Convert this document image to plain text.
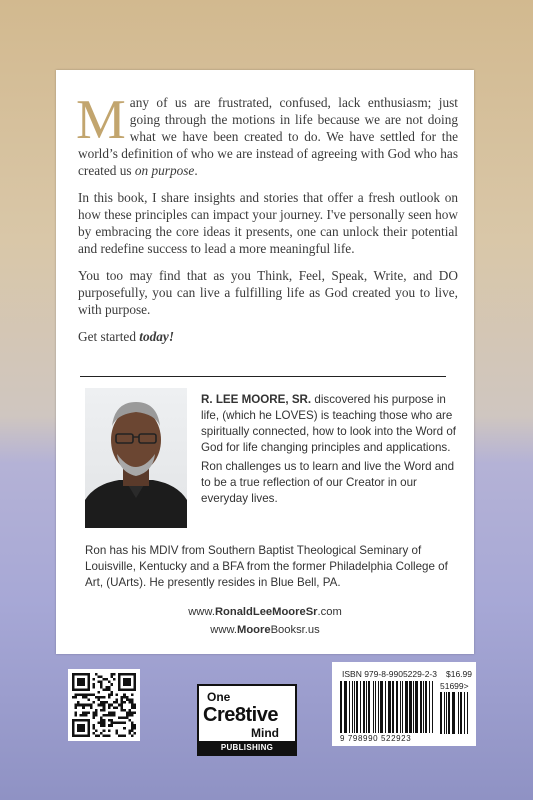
Many of us are frustrated, confused, lack enthusiasm; just going through the motions in life because we are not doing what we have been created to do. We have settled for the world’s definition of who we are instead of agreeing with God who has created us on purpose.

In this book, I share insights and stories that offer a fresh outlook on how these principles can impact your journey. I've personally seen how by embracing the core ideas it presents, one can unlock their potential and redefine success to lead a more meaningful life.

You too may find that as you Think, Feel, Speak, Write, and DO purposefully, you can live a fulfilling life as God created you to live, with purpose.

Get started today!

R. LEE MOORE, SR. discovered his purpose in life, (which he LOVES) is teaching those who are spiritually connected, how to look into the Word of God for life changing principles and applications.

Ron challenges us to learn and live the Word and to be a true reflection of our Creator in our everyday lives.

Ron has his MDIV from Southern Baptist Theological Seminary of Louisville, Kentucky and a BFA from the former Philadelphia College of Art, (UArts). He presently resides in Blue Bell, PA.
www.RonaldLeeMooreSr.com
www.MooreBooksr.us
One
Cre8tive
Mind
PUBLISHING
ISBN 979-8-9905229-2-3 $16.99
51699>
9 798990 522923
